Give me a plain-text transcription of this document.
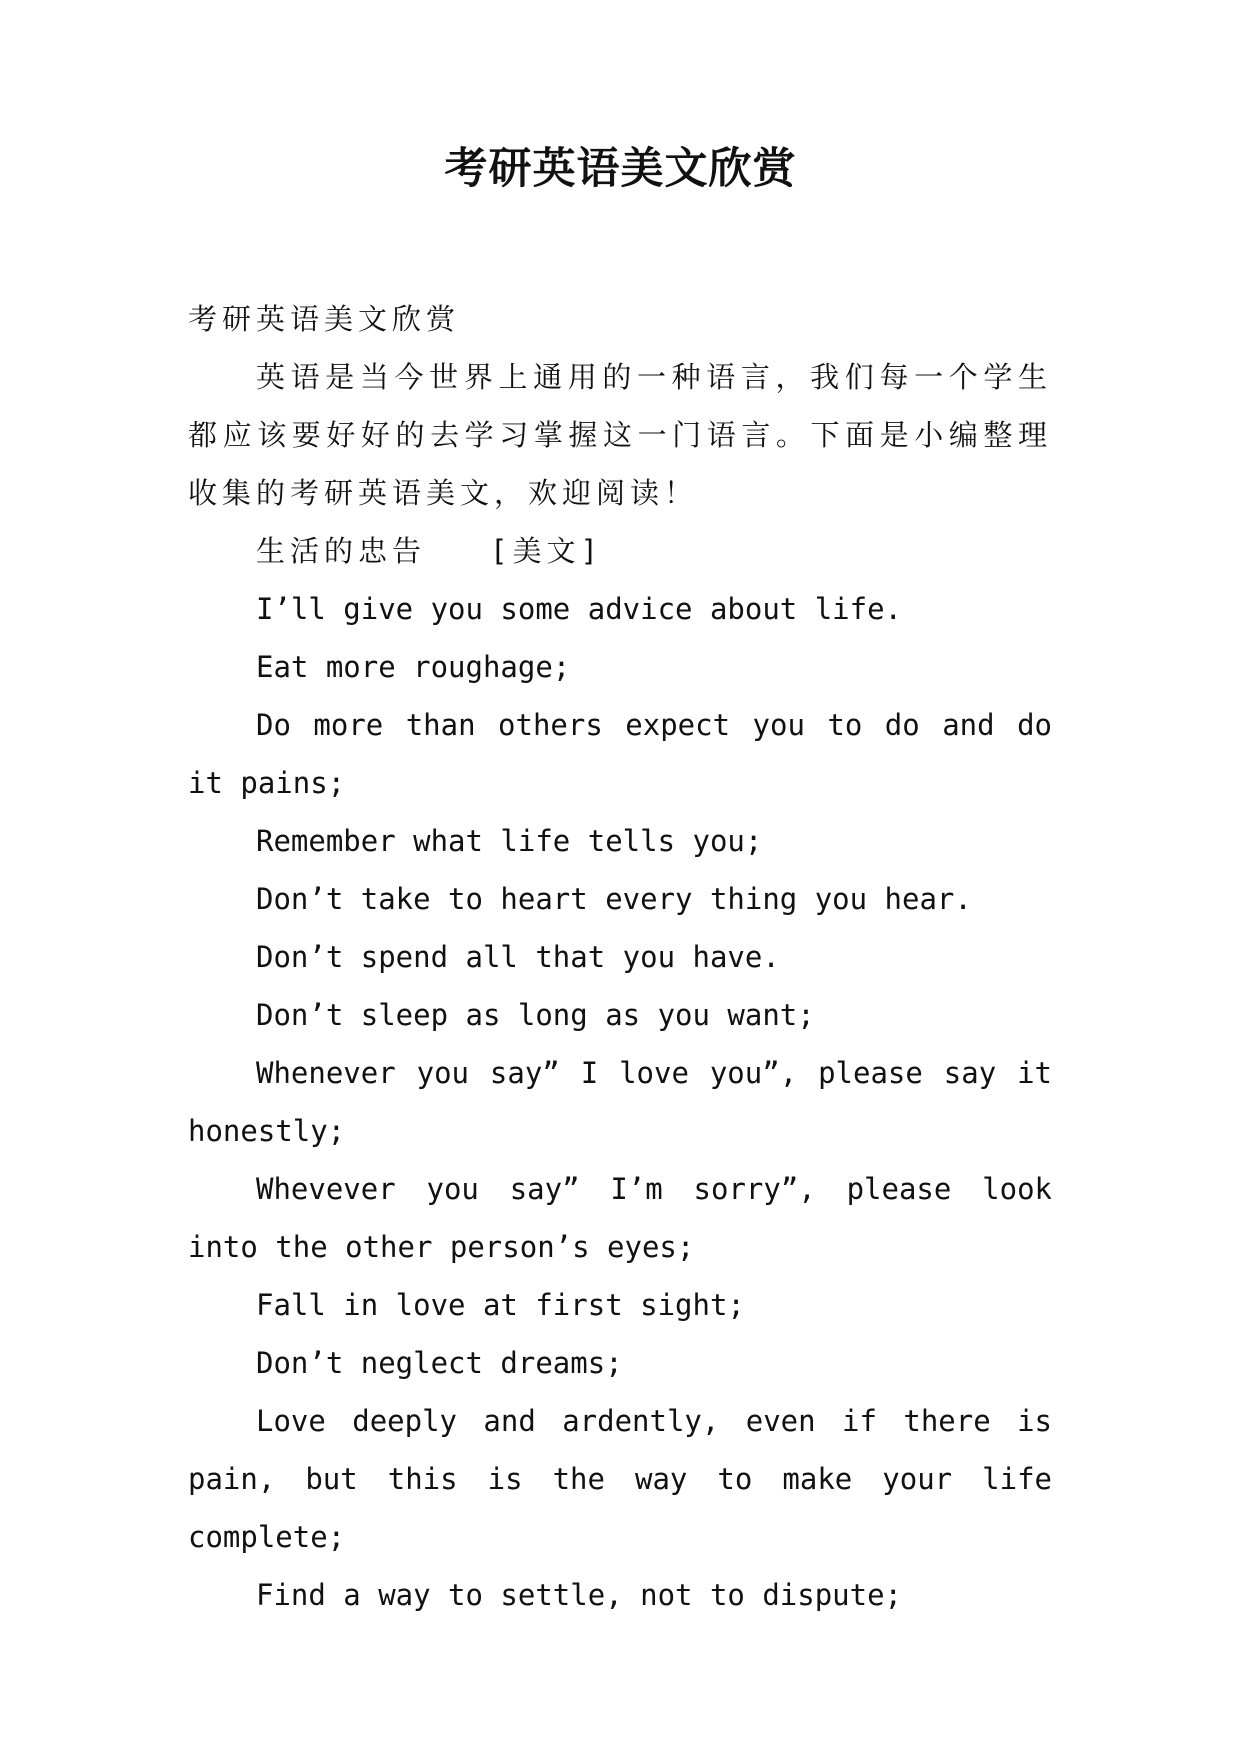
考研英语美文欣赏

考研英语美文欣赏

英语是当今世界上通用的一种语言，我们每一个学生都应该要好好的去学习掌握这一门语言。下面是小编整理收集的考研英语美文，欢迎阅读！

生活的忠告 [美文]

I’ll give you some advice about life.

Eat more roughage;

Do more than others expect you to do and do it pains;

Remember what life tells you;

Don’t take to heart every thing you hear.

Don’t spend all that you have.

Don’t sleep as long as you want;

Whenever you say” I love you”, please say it honestly;

Whevever you say” I’m sorry”, please look into the other person’s eyes;

Fall in love at first sight;

Don’t neglect dreams;

Love deeply and ardently, even if there is pain, but this is the way to make your life complete;

Find a way to settle, not to dispute;
